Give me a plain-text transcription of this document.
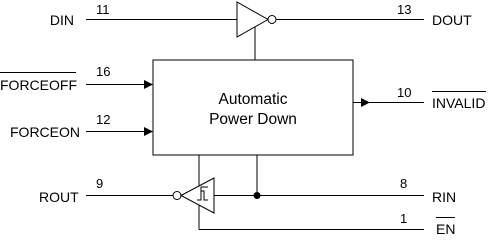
DIN
11	13
DOUT
Automatic
Power Down
FORCEOFF
16
FORCEON
12
10
INVALID
ROUT
9	8
RIN
1
EN
